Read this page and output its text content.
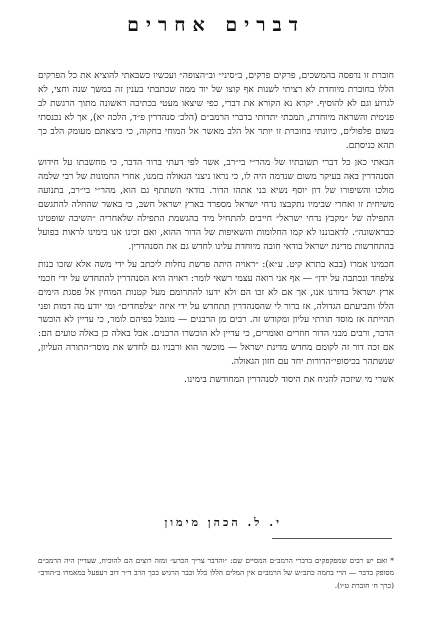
דברים אחרים

חוברת זו נדפסה בהמשכים, פרקים פרקים, ב״סיני״ וב״הצופה״ ועכשיו כשבאתי להוציא את כל הפרקים הללו בחוברת מיוחדת לא רציתי לשנות אף קוצו של יוד ממה שכתבתי בענין זה במשך שנה וחצי, לא לגרוע וגם לא להוסיף. יקרא נא הקורא את דברי, כפי שיצאו מעטי בכתיבה ראשונה מתוך הרגשת לב פנימית והשראה מיוחדת, תמכתי יתדותי בדברי הרמב״ם (הלכ׳ סנהדרין פ״ד, הלכה יא), אך לא נכנסתי בשום פלפולים, כיוונתי בחוברת זו יותר אל הלב מאשר אל המוחי בחקוה, כי כיצאתם מעומק הלב כך תהא כניסתם.

הבאתי כאן כל דברי תשובתיו של מהר״י בי״רב, אשר לפי דעתי ברור הדבר, כי מחשבתו על חידוש הסנהדרין באה בעיקר משום שנדמה היה לו, כי נראו ניצני הגאולה בזמנו, אחרי החמונות של רבי שלמה מולכו והשיפורו של דון יוסף נשיא בני אתהו הדור. בודאי השתתף גם הוא, מהר״י בי״רב, בתנועה משיחית זו ואחרי שבימיו נתקבצו נדחי ישראל מספרד בארץ ישראל חשב, כי באשר שהחלה להתגשם התפילה של ״מקבץ נדחי ישראל״ חייבים להתחיל מיד בהגשמת התפילה שלאחריה ״השיבה שופטינו כבראשונה״. לדאבוננו לא קמו החלומות והשאיפות של הדור ההוא, ואם זכינו אנו בימינו לראות בפועל בהתחדשות מדינת ישראל בודאי חובה מיוחדת עלינו לחדש גם את הסנהדרין.

חכמינו אמרו (בבא בתרא קיט. ע״א): ״ראויה היתה פרשת נחלות ליכתב על ידי משה אלא שזכו בנות צלפחד ונכתבה על ידן״ — אף אני רואה עצמי רשאי לומר: ראויה היא הסנהדרין להתחדש על ידי חכמי ארץ ישראל בדורנו אנו, אך אם לא זכו הם ולא ידעו להתרומם מעל קטנות המוחין אל פסגת הימים הללו ותביעתם הגדולה, אז ברור לי שהסנהדרין תתחדש על ידי איזה ״צלפחדים״ ומי יודע מה דמות ופני תהייתה אז מוסד תורתי עליון ומקודש זה. רבים מן הרבנים — מוגבל בפיהם לומר, כי עדיין לא הוכשר הדבר, ורבים מבני הדור חוזרים ואומרים, כי עדיין לא הוכשרו הרבנים. אבל באלה כן באלה טועים הם: אם זכה דור זה לקומם מחדש מדינת ישראל — מוכשר הוא ורבניו גם לחדש את מוסד״התורה העליון, שנשתהר בכיסופי״הדורות יחד עם חזון הגאולה.

אשרי מי שיזכה להניח את היסוד לסנהדרין המחודשת בימינו.

י. ל. הכהן מימון
* ואם יש רבים שמפקפקים בדברי הרמב״ם המסיים שם: ״והדבר צריך הכרע״ ומזה רוצים הם להוכיח, שעדיין היה הרמב״ם מסופק בדבר — הרי בחמה כתב״ש של הרמב״ם אין המלים הללו כלל וכבר הרגיש בכך הרב ד״ר דוב רעפעל במאמרו ב״הודב״ (כרך ח׳ חוברת ט״ו).
